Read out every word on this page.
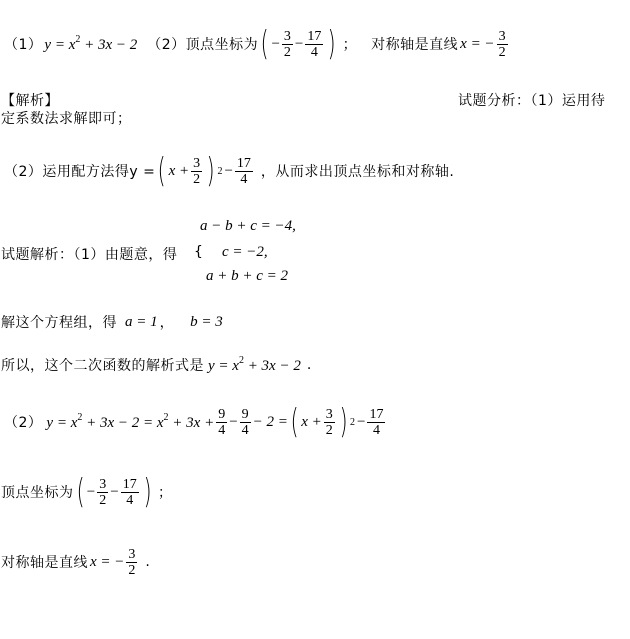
（1） $y = x^2 + 3x - 2$ （2）顶点坐标为 ( − $\frac{3}{2} - \frac{17}{4}$ ) ； 对称轴是直线 x = − $\frac{3}{2}$
【解析】	试题分析：（1）运用待
定系数法求解即可；
（2）运用配方法得y = ( $x + \frac{3}{2}$ ) $2 - \frac{17}{4}$ ，从而求出顶点坐标和对称轴.
a − b + c = −4,
试题解析：（1）由题意，得 { c = −2,
a + b + c = 2
解这个方程组，得 a = 1 ， b = 3
所以，这个二次函数的解析式是 $y = x^2 + 3x - 2$ .
（2） $y = x^2 + 3x - 2 = x^2 + 3x + \frac{9}{4} - \frac{9}{4} - 2$ = ( $x + \frac{3}{2}$ ) $2 - \frac{17}{4}$
顶点坐标为 ( − $\frac{3}{2} - \frac{17}{4}$ ) ；
对称轴是直线 x = − $\frac{3}{2}$ .
